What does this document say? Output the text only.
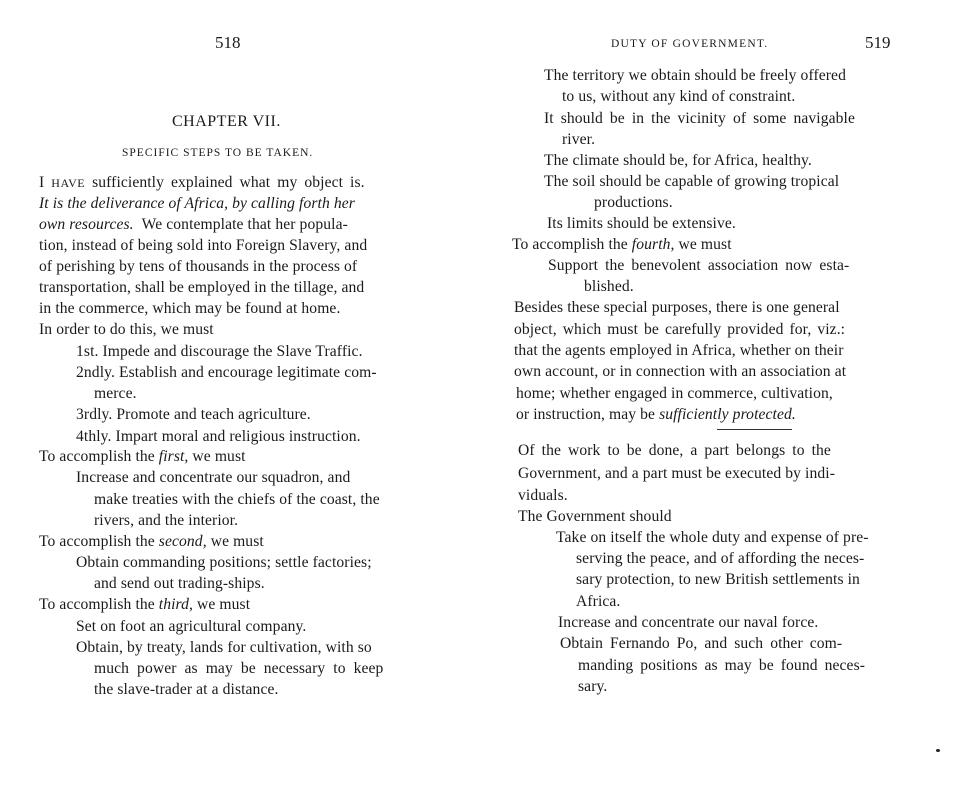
518
CHAPTER VII.
SPECIFIC STEPS TO BE TAKEN.
I HAVE sufficiently explained what my object is.
It is the deliverance of Africa, by calling forth her
own resources. We contemplate that her popula-
tion, instead of being sold into Foreign Slavery, and
of perishing by tens of thousands in the process of
transportation, shall be employed in the tillage, and
in the commerce, which may be found at home.
In order to do this, we must
1st. Impede and discourage the Slave Traffic.
2ndly. Establish and encourage legitimate com-
merce.
3rdly. Promote and teach agriculture.
4thly. Impart moral and religious instruction.
To accomplish the first, we must
Increase and concentrate our squadron, and
make treaties with the chiefs of the coast, the
rivers, and the interior.
To accomplish the second, we must
Obtain commanding positions; settle factories;
and send out trading-ships.
To accomplish the third, we must
Set on foot an agricultural company.
Obtain, by treaty, lands for cultivation, with so
much power as may be necessary to keep
the slave-trader at a distance.
DUTY OF GOVERNMENT.	519
The territory we obtain should be freely offered
to us, without any kind of constraint.
It should be in the vicinity of some navigable
river.
The climate should be, for Africa, healthy.
The soil should be capable of growing tropical
productions.
Its limits should be extensive.
To accomplish the fourth, we must
Support the benevolent association now esta-
blished.
Besides these special purposes, there is one general
object, which must be carefully provided for, viz.:
that the agents employed in Africa, whether on their
own account, or in connection with an association at
home; whether engaged in commerce, cultivation,
or instruction, may be sufficiently protected.
Of the work to be done, a part belongs to the
Government, and a part must be executed by indi-
viduals.
The Government should
Take on itself the whole duty and expense of pre-
serving the peace, and of affording the neces-
sary protection, to new British settlements in
Africa.
Increase and concentrate our naval force.
Obtain Fernando Po, and such other com-
manding positions as may be found neces-
sary.
